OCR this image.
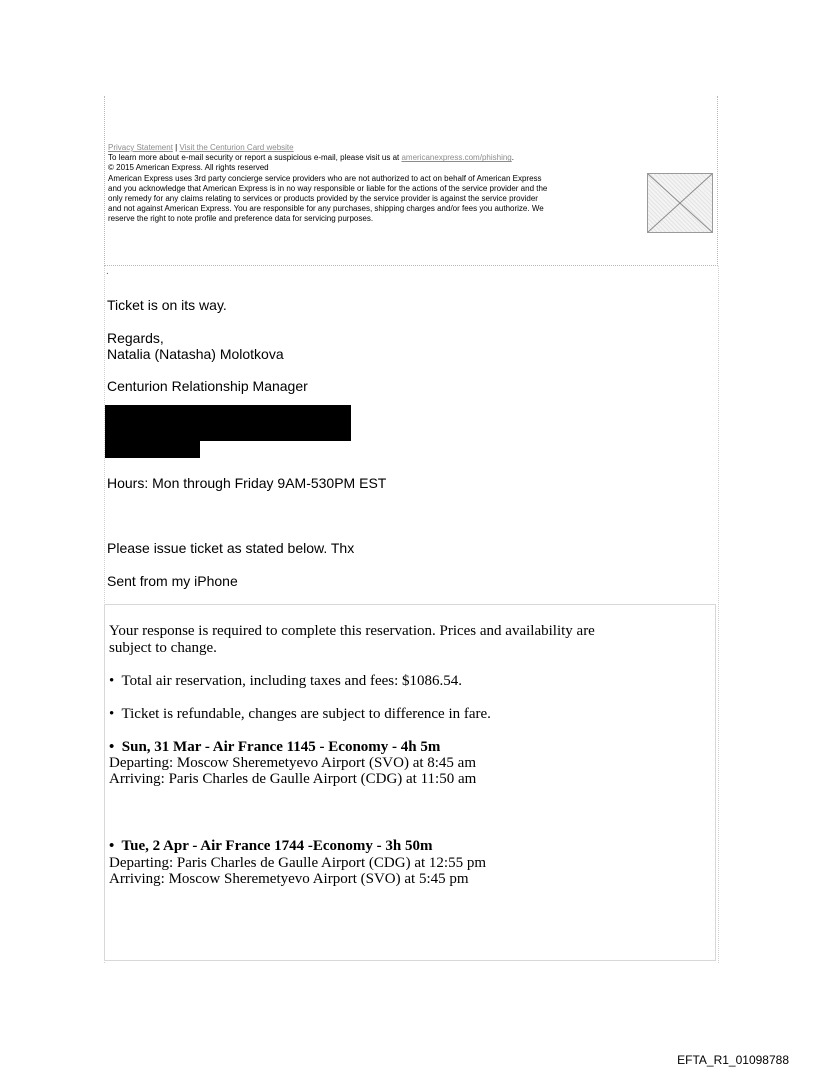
Privacy Statement | Visit the Centurion Card website
To learn more about e-mail security or report a suspicious e-mail, please visit us at americanexpress.com/phishing.
© 2015 American Express. All rights reserved
American Express uses 3rd party concierge service providers who are not authorized to act on behalf of American Express
and you acknowledge that American Express is in no way responsible or liable for the actions of the service provider and the
only remedy for any claims relating to services or products provided by the service provider is against the service provider
and not against American Express. You are responsible for any purchases, shipping charges and/or fees you authorize. We
reserve the right to note profile and preference data for servicing purposes.
.
Ticket is on its way.
Regards,
Natalia (Natasha) Molotkova
Centurion Relationship Manager
Hours: Mon through Friday 9AM-530PM EST
Please issue ticket as stated below. Thx
Sent from my iPhone
Your response is required to complete this reservation. Prices and availability are
subject to change.
• Total air reservation, including taxes and fees: $1086.54.
• Ticket is refundable, changes are subject to difference in fare.
• Sun, 31 Mar - Air France 1145 - Economy - 4h 5m
Departing: Moscow Sheremetyevo Airport (SVO) at 8:45 am
Arriving: Paris Charles de Gaulle Airport (CDG) at 11:50 am
• Tue, 2 Apr - Air France 1744 -Economy - 3h 50m
Departing: Paris Charles de Gaulle Airport (CDG) at 12:55 pm
Arriving: Moscow Sheremetyevo Airport (SVO) at 5:45 pm
EFTA_R1_01098788
